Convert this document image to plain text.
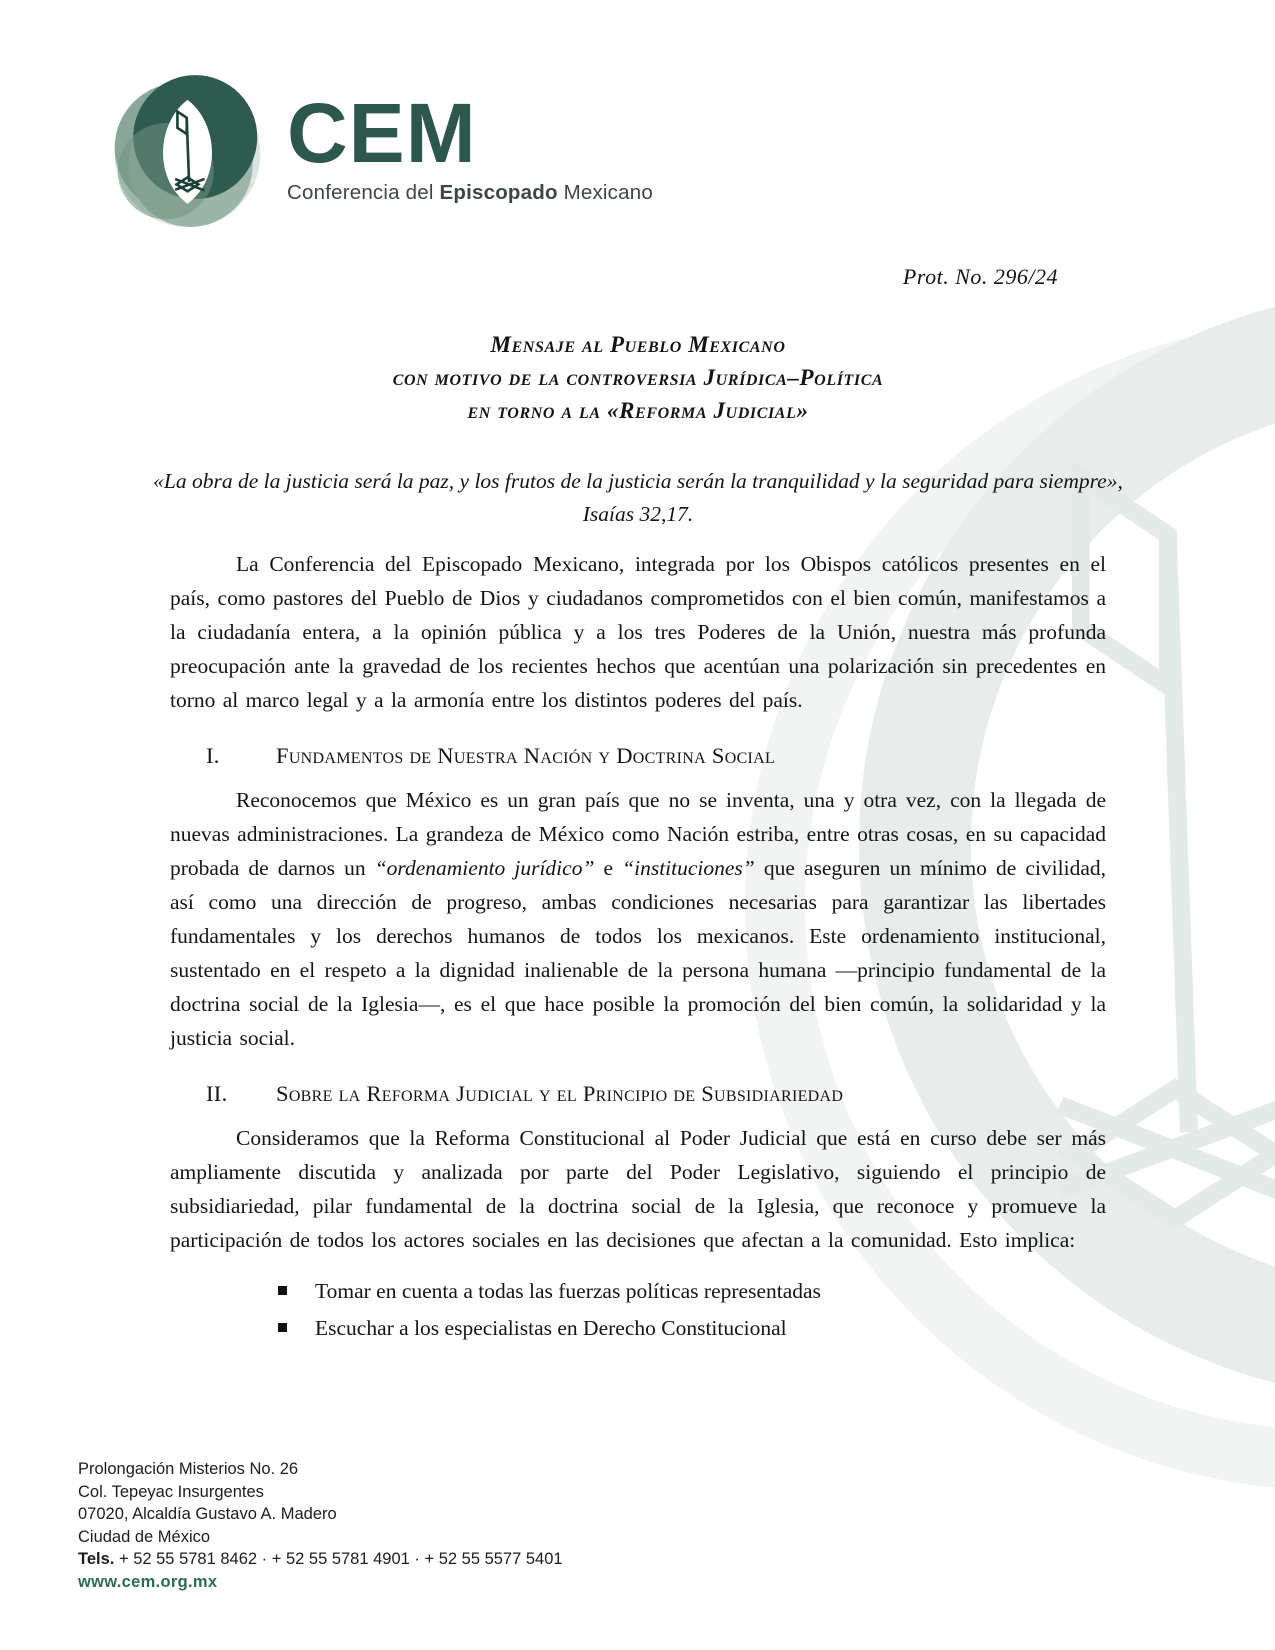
CEM
Conferencia del Episcopado Mexicano
Prot. No. 296/24
Mensaje al Pueblo Mexicano
con motivo de la controversia Jurídica–Política
en torno a la «Reforma Judicial»

«La obra de la justicia será la paz, y los frutos de la justicia serán la tranquilidad y la seguridad para siempre», Isaías 32,17.

La Conferencia del Episcopado Mexicano, integrada por los Obispos católicos presentes en el país, como pastores del Pueblo de Dios y ciudadanos comprometidos con el bien común, manifestamos a la ciudadanía entera, a la opinión pública y a los tres Poderes de la Unión, nuestra más profunda preocupación ante la gravedad de los recientes hechos que acentúan una polarización sin precedentes en torno al marco legal y a la armonía entre los distintos poderes del país.

I.	Fundamentos de Nuestra Nación y Doctrina Social

Reconocemos que México es un gran país que no se inventa, una y otra vez, con la llegada de nuevas administraciones. La grandeza de México como Nación estriba, entre otras cosas, en su capacidad probada de darnos un “ordenamiento jurídico” e “instituciones” que aseguren un mínimo de civilidad, así como una dirección de progreso, ambas condiciones necesarias para garantizar las libertades fundamentales y los derechos humanos de todos los mexicanos. Este ordenamiento institucional, sustentado en el respeto a la dignidad inalienable de la persona humana —principio fundamental de la doctrina social de la Iglesia—, es el que hace posible la promoción del bien común, la solidaridad y la justicia social.

II.	Sobre la Reforma Judicial y el Principio de Subsidiariedad

Consideramos que la Reforma Constitucional al Poder Judicial que está en curso debe ser más ampliamente discutida y analizada por parte del Poder Legislativo, siguiendo el principio de subsidiariedad, pilar fundamental de la doctrina social de la Iglesia, que reconoce y promueve la participación de todos los actores sociales en las decisiones que afectan a la comunidad. Esto implica:

Tomar en cuenta a todas las fuerzas políticas representadas
Escuchar a los especialistas en Derecho Constitucional
Prolongación Misterios No. 26
Col. Tepeyac Insurgentes
07020, Alcaldía Gustavo A. Madero
Ciudad de México
Tels. + 52 55 5781 8462 · + 52 55 5781 4901 · + 52 55 5577 5401
www.cem.org.mx
